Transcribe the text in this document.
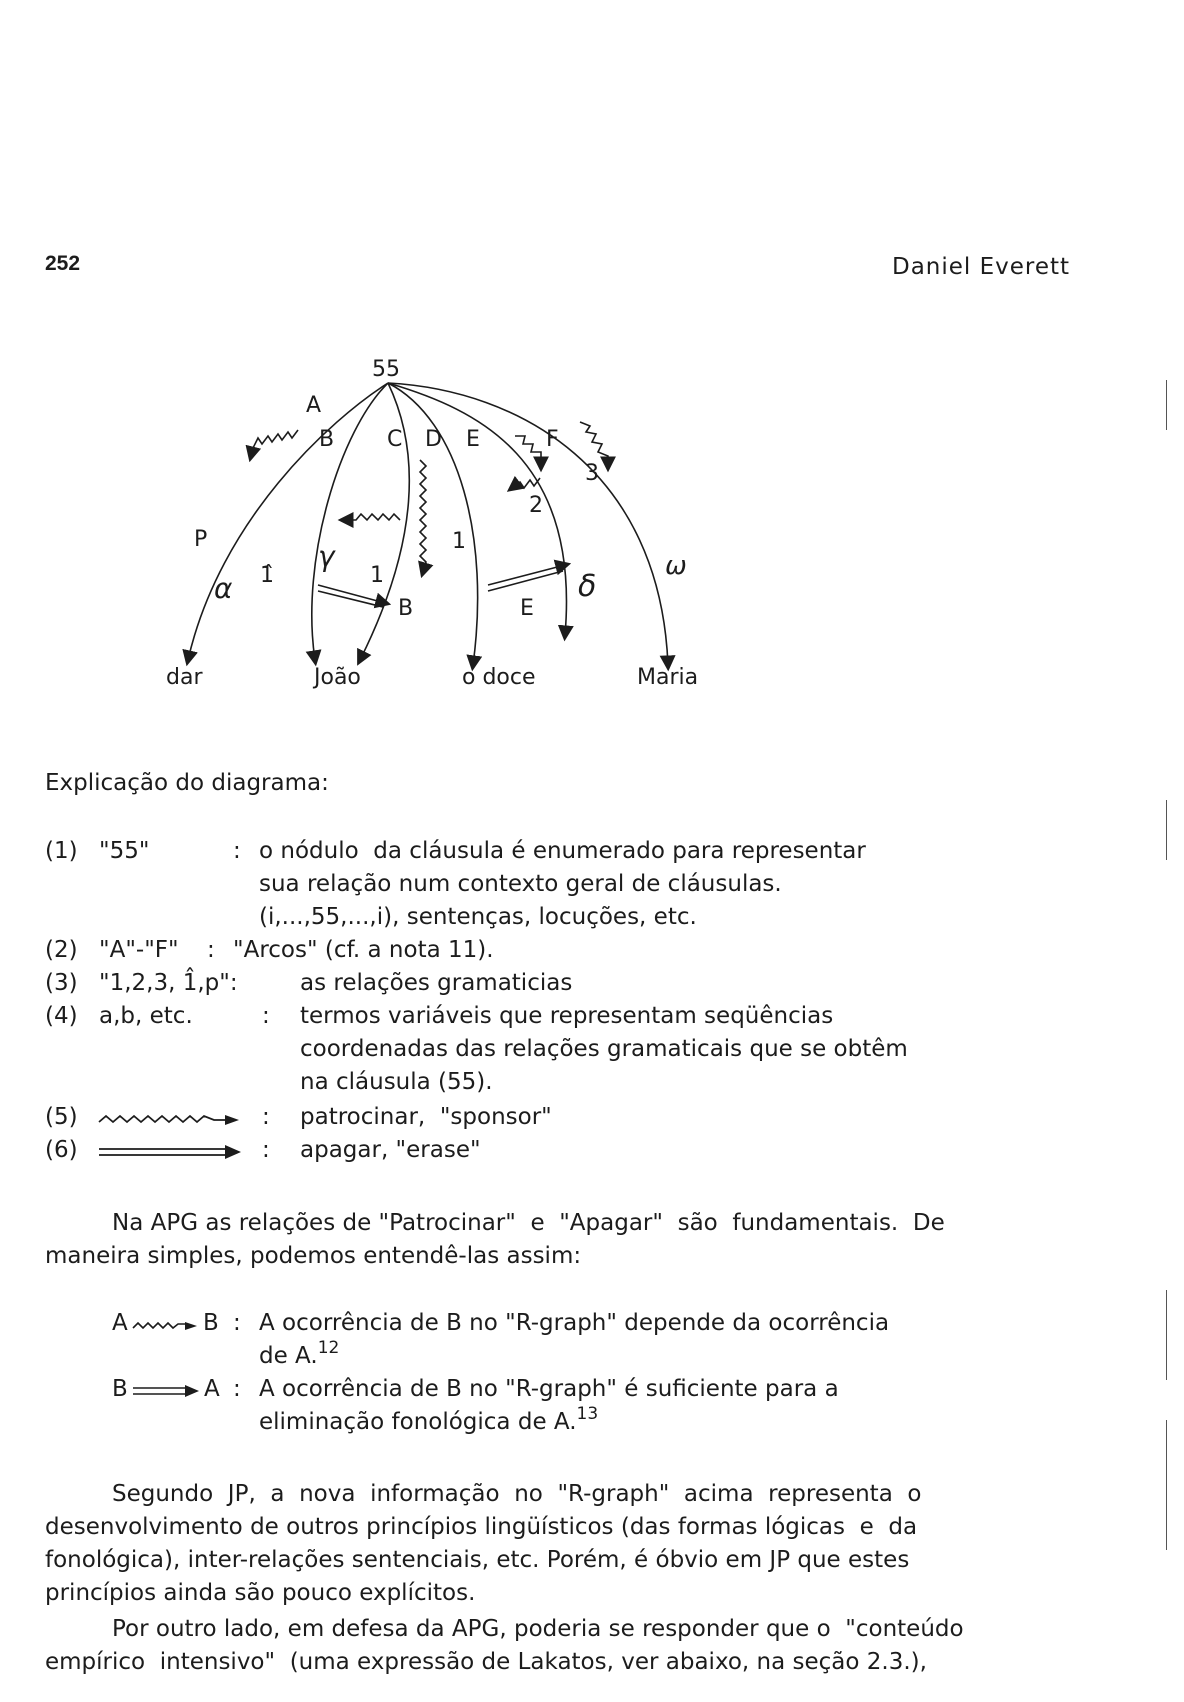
252	Daniel Everett
55
A
B C D E	F
P
1̂	1
1
2
3
E
B
α
γ
δ
ω
dar	João	o doce	Maria
Explicação do diagrama:
(1) "55"	: o nódulo  da cláusula é enumerado para representar
sua relação num contexto geral de cláusulas.
(i,...,55,...,i), sentenças, locuções, etc.
(2) "A"-"F" : "Arcos" (cf. a nota 11).
(3) "1,2,3, 1̂,p":	as relações gramaticias
(4) a,b, etc.	: termos variáveis que representam seqüências
coordenadas das relações gramaticais que se obtêm
na cláusula (55).
(5)	: patrocinar,  "sponsor"
(6)	: apagar, "erase"
Na APG as relações de "Patrocinar"  e  "Apagar"  são  fundamentais.  De
maneira simples, podemos entendê-las assim:
A	B : A ocorrência de B no "R-graph" depende da ocorrência
de A.$^{12}$
B	A : A ocorrência de B no "R-graph" é suficiente para a
eliminação fonológica de A.$^{13}$
Segundo  JP,  a  nova  informação  no  "R-graph"  acima  representa  o
desenvolvimento de outros princípios lingüísticos (das formas lógicas  e  da
fonológica), inter-relações sentenciais, etc. Porém, é óbvio em JP que estes
princípios ainda são pouco explícitos.
Por outro lado, em defesa da APG, poderia se responder que o  "conteúdo
empírico  intensivo"  (uma expressão de Lakatos, ver abaixo, na seção 2.3.),
